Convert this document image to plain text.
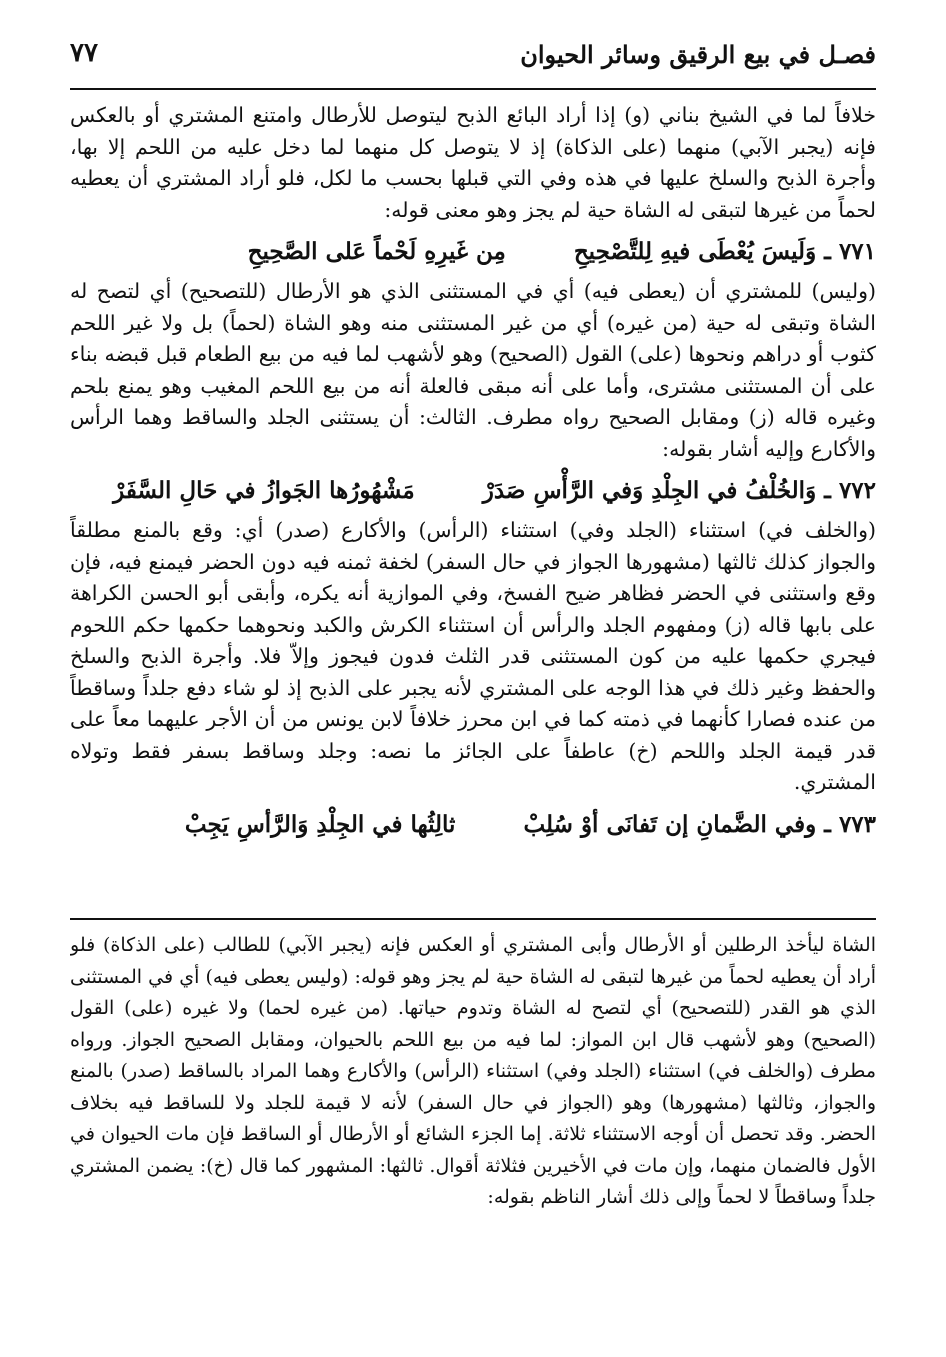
فصـل في بيع الرقيق وسائر الحيوان
٧٧

خلافاً لما في الشيخ بناني (و) إذا أراد البائع الذبح ليتوصل للأرطال وامتنع المشتري أو بالعكس فإنه (يجبر الآبي) منهما (على الذكاة) إذ لا يتوصل كل منهما لما دخل عليه من اللحم إلا بها، وأجرة الذبح والسلخ عليها في هذه وفي التي قبلها بحسب ما لكل، فلو أراد المشتري أن يعطيه لحماً من غيرها لتبقى له الشاة حية لم يجز وهو معنى قوله:

٧٧١ ـ وَلَيسَ يُعْطَى فيهِ لِلتَّصْحِيحِ مِن غَيرِهِ لَحْماً عَلى الصَّحِيحِ

(وليس) للمشتري أن (يعطى فيه) أي في المستثنى الذي هو الأرطال (للتصحيح) أي لتصح له الشاة وتبقى له حية (من غيره) أي من غير المستثنى منه وهو الشاة (لحماً) بل ولا غير اللحم كثوب أو دراهم ونحوها (على) القول (الصحيح) وهو لأشهب لما فيه من بيع الطعام قبل قبضه بناء على أن المستثنى مشترى، وأما على أنه مبقى فالعلة أنه من بيع اللحم المغيب وهو يمنع بلحم وغيره قاله (ز) ومقابل الصحيح رواه مطرف. الثالث: أن يستثنى الجلد والساقط وهما الرأس والأكارع وإليه أشار بقوله:

٧٧٢ ـ وَالخُلْفُ في الجِلْدِ وَفي الرَّأْسِ صَدَرْ مَشْهُورُها الجَوازُ في حَالِ السَّفَرْ

(والخلف في) استثناء (الجلد وفي) استثناء (الرأس) والأكارع (صدر) أي: وقع بالمنع مطلقاً والجواز كذلك ثالثها (مشهورها الجواز في حال السفر) لخفة ثمنه فيه دون الحضر فيمنع فيه، فإن وقع واستثنى في الحضر فظاهر ضيح الفسخ، وفي الموازية أنه يكره، وأبقى أبو الحسن الكراهة على بابها قاله (ز) ومفهوم الجلد والرأس أن استثناء الكرش والكبد ونحوهما حكمها حكم اللحوم فيجري حكمها عليه من كون المستثنى قدر الثلث فدون فيجوز وإلاّ فلا. وأجرة الذبح والسلخ والحفظ وغير ذلك في هذا الوجه على المشتري لأنه يجبر على الذبح إذ لو شاء دفع جلداً وساقطاً من عنده فصارا كأنهما في ذمته كما في ابن محرز خلافاً لابن يونس من أن الأجر عليهما معاً على قدر قيمة الجلد واللحم (خ) عاطفاً على الجائز ما نصه: وجلد وساقط بسفر فقط وتولاه المشتري.

٧٧٣ ـ وفي الضَّمانِ إن تَفانَى أوْ سُلِبْ ثالِثُها في الجِلْدِ وَالرَّأسِ يَجِبْ

الشاة ليأخذ الرطلين أو الأرطال وأبى المشتري أو العكس فإنه (يجبر الآبي) للطالب (على الذكاة) فلو أراد أن يعطيه لحماً من غيرها لتبقى له الشاة حية لم يجز وهو قوله: (وليس يعطى فيه) أي في المستثنى الذي هو القدر (للتصحيح) أي لتصح له الشاة وتدوم حياتها. (من غيره لحما) ولا غيره (على) القول (الصحيح) وهو لأشهب قال ابن المواز: لما فيه من بيع اللحم بالحيوان، ومقابل الصحيح الجواز. ورواه مطرف (والخلف في) استثناء (الجلد وفي) استثناء (الرأس) والأكارع وهما المراد بالساقط (صدر) بالمنع والجواز، وثالثها (مشهورها) وهو (الجواز في حال السفر) لأنه لا قيمة للجلد ولا للساقط فيه بخلاف الحضر. وقد تحصل أن أوجه الاستثناء ثلاثة. إما الجزء الشائع أو الأرطال أو الساقط فإن مات الحيوان في الأول فالضمان منهما، وإن مات في الأخيرين فثلاثة أقوال. ثالثها: المشهور كما قال (خ): يضمن المشتري جلداً وساقطاً لا لحماً وإلى ذلك أشار الناظم بقوله:
